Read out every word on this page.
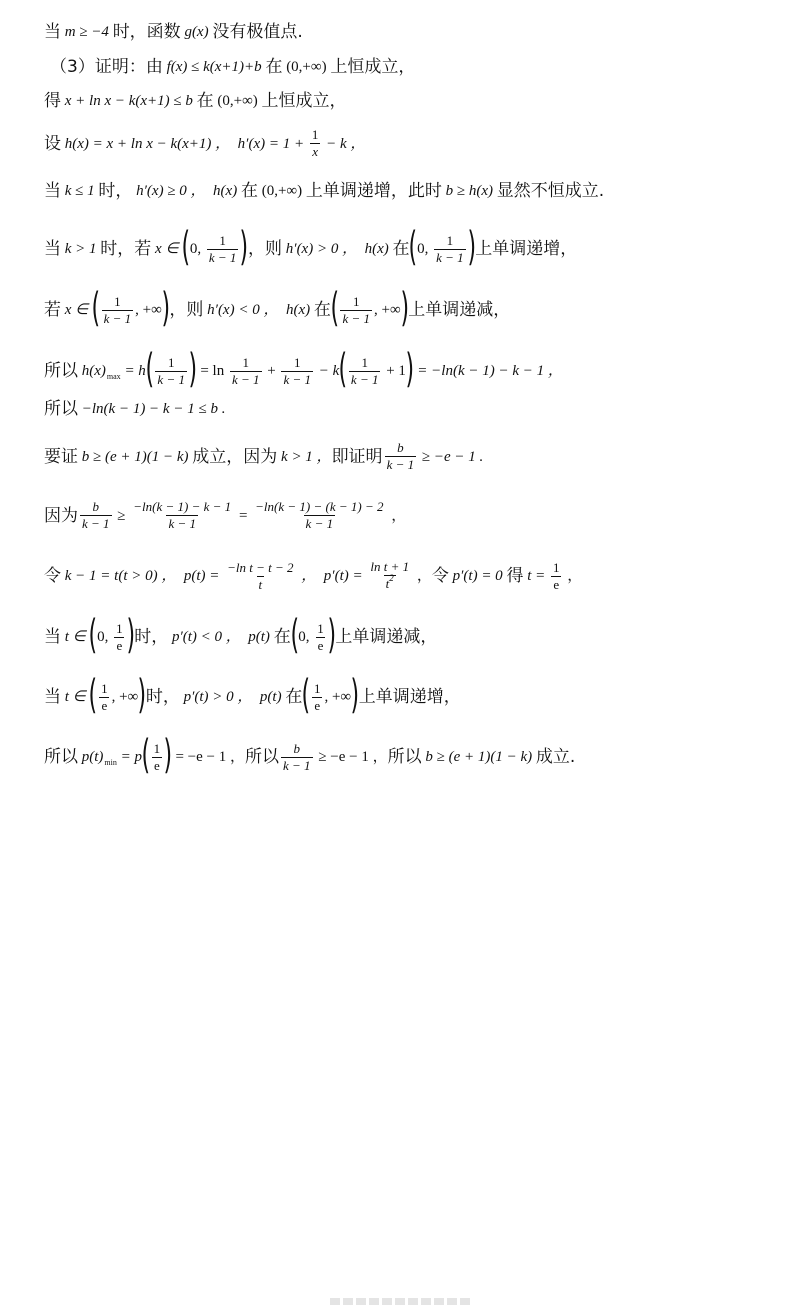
当 m ≥ −4 时，函数 g(x) 没有极值点.
（3）证明：由 f(x) ≤ k(x+1)+b 在 (0,+∞) 上恒成立，
得 x + ln x − k(x+1) ≤ b 在 (0,+∞) 上恒成立，
设 h(x) = x + ln x − k(x+1) ，  $h'(x) = 1 + \frac{1}{x} - k$ ，
当 k ≤ 1 时， h′(x) ≥ 0 ，  h(x) 在 (0,+∞) 上单调递增，此时 b ≥ h(x) 显然不恒成立.
当 k > 1 时，若 x ∈ ( 0,
1
k − 1 ) ，则 h′(x) > 0 ，  h(x) 在 ( 0,
1
k − 1 ) 上单调递增，
若 x ∈ ( 1
k − 1 , +∞ ) ，则 h′(x) < 0 ，  h(x) 在 ( 1
k − 1 , +∞ ) 上单调递减，
所以 h(x) max = h ( 1
k − 1 ) = ln
1
$k - 1 + \frac{1}{k - 1} - k$ ( 1
k − 1 + 1 ) = −ln(k − 1) − k − 1 ，
所以 −ln(k − 1) − k − 1 ≤ b .
要证 b ≥ (e + 1)(1 − k) 成立，因为 k > 1 ， 即证明 $\frac{b}{k - 1} \ge -e - 1$ .
因为 $\frac{b}{k - 1} \ge \frac{-\ln(k - 1) - k - 1}{k - 1} = \frac{-\ln(k - 1) - (k - 1) - 2}{k - 1}$ ，
令 k − 1 = t(t > 0) ，  $p(t) = \frac{\text{−ln t − t − 2}}{t}$ ，  $p'(t) = \frac{\text{ln t + 1}}{t^2}$ ， 令 p′(t) = 0 得 $t = \frac{1}{e}$ ，
当 t ∈ ( 0,
1
e ) 时， p′(t) < 0 ，  p(t) 在 ( 0,
1
e ) 上单调递减，
当 t ∈ ( 1
e , +∞ ) 时， p′(t) > 0 ，  p(t) 在 ( 1
e , +∞ ) 上单调递增，
所以 p(t) min = p ( 1
e ) = −e − 1 ， 所以 $\frac{b}{k - 1} \ge -e - 1$ ， 所以 b ≥ (e + 1)(1 − k) 成立.
